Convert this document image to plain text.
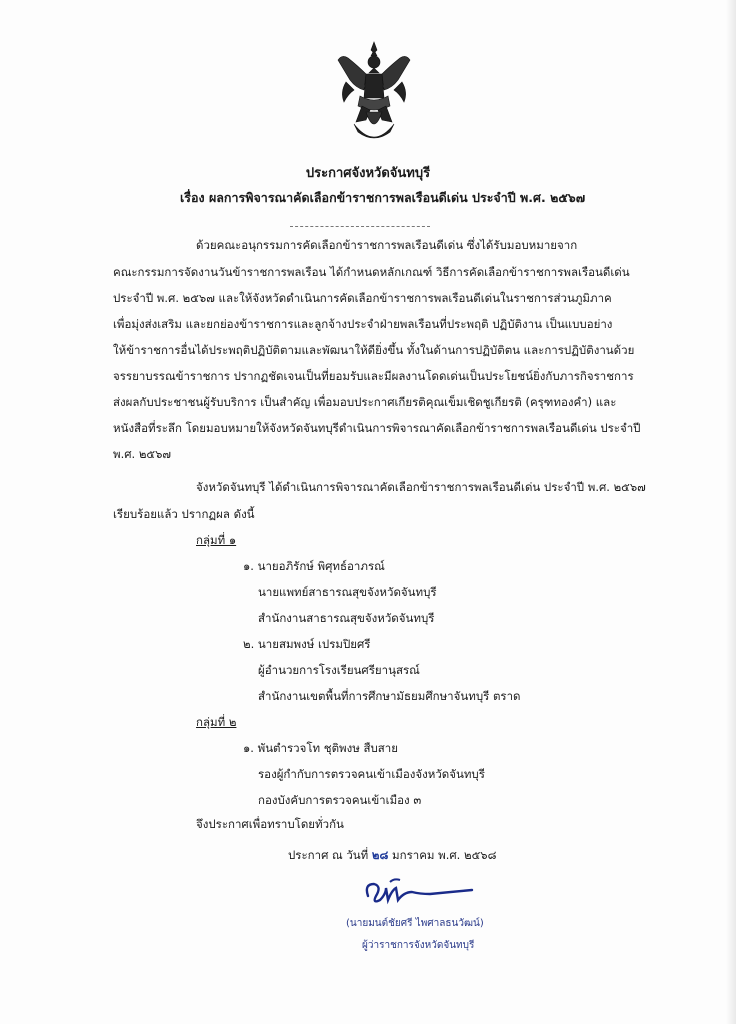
ประกาศจังหวัดจันทบุรี
เรื่อง ผลการพิจารณาคัดเลือกข้าราชการพลเรือนดีเด่น ประจำปี พ.ศ. ๒๕๖๗
ด้วยคณะอนุกรรมการคัดเลือกข้าราชการพลเรือนดีเด่น ซึ่งได้รับมอบหมายจาก
คณะกรรมการจัดงานวันข้าราชการพลเรือน ได้กำหนดหลักเกณฑ์ วิธีการคัดเลือกข้าราชการพลเรือนดีเด่น
ประจำปี พ.ศ. ๒๕๖๗ และให้จังหวัดดำเนินการคัดเลือกข้าราชการพลเรือนดีเด่นในราชการส่วนภูมิภาค
เพื่อมุ่งส่งเสริม และยกย่องข้าราชการและลูกจ้างประจำฝ่ายพลเรือนที่ประพฤติ ปฏิบัติงาน เป็นแบบอย่าง
ให้ข้าราชการอื่นได้ประพฤติปฏิบัติตามและพัฒนาให้ดียิ่งขึ้น ทั้งในด้านการปฏิบัติตน และการปฏิบัติงานด้วย
จรรยาบรรณข้าราชการ ปรากฏชัดเจนเป็นที่ยอมรับและมีผลงานโดดเด่นเป็นประโยชน์ยิ่งกับภารกิจราชการ
ส่งผลกับประชาชนผู้รับบริการ เป็นสำคัญ เพื่อมอบประกาศเกียรติคุณเข็มเชิดชูเกียรติ (ครุฑทองคำ) และ
หนังสือที่ระลึก โดยมอบหมายให้จังหวัดจันทบุรีดำเนินการพิจารณาคัดเลือกข้าราชการพลเรือนดีเด่น ประจำปี
พ.ศ. ๒๕๖๗
จังหวัดจันทบุรี ได้ดำเนินการพิจารณาคัดเลือกข้าราชการพลเรือนดีเด่น ประจำปี พ.ศ. ๒๕๖๗
เรียบร้อยแล้ว ปรากฏผล ดังนี้
กลุ่มที่ ๑
๑. นายอภิรักษ์ พิศุทธ์อาภรณ์
นายแพทย์สาธารณสุขจังหวัดจันทบุรี
สำนักงานสาธารณสุขจังหวัดจันทบุรี
๒. นายสมพงษ์ เปรมปิยศรี
ผู้อำนวยการโรงเรียนศรียานุสรณ์
สำนักงานเขตพื้นที่การศึกษามัธยมศึกษาจันทบุรี ตราด
กลุ่มที่ ๒
๑. พันตำรวจโท ชุติพงษ สืบสาย
รองผู้กำกับการตรวจคนเข้าเมืองจังหวัดจันทบุรี
กองบังคับการตรวจคนเข้าเมือง ๓
จึงประกาศเพื่อทราบโดยทั่วกัน
ประกาศ ณ วันที่ ๒๘ มกราคม พ.ศ. ๒๕๖๘
(นายมนต์ชัยศรี ไพศาลธนวัฒน์)
ผู้ว่าราชการจังหวัดจันทบุรี
